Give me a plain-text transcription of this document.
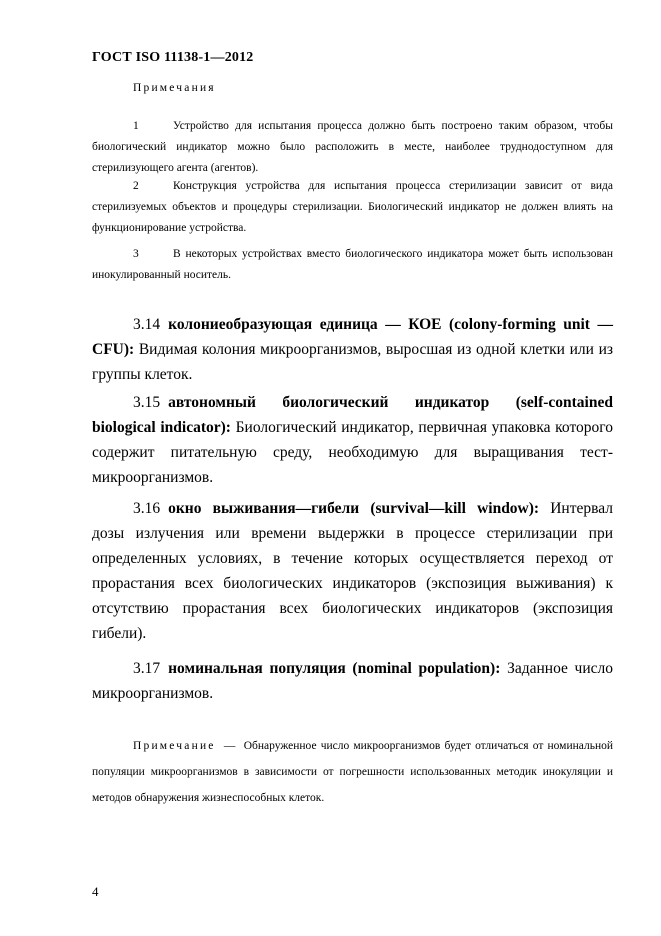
ГОСТ ISO 11138-1—2012
Примечания
1	Устройство для испытания процесса должно быть построено таким образом, чтобы биологический индикатор можно было расположить в месте, наиболее труднодоступном для стерилизующего агента (агентов).
2	Конструкция устройства для испытания процесса стерилизации зависит от вида стерилизуемых объектов и процедуры стерилизации. Биологический индикатор не должен влиять на функционирование устройства.
3	В некоторых устройствах вместо биологического индикатора может быть использован инокулированный носитель.
3.14 колониеобразующая единица — КОЕ (colony-forming unit — CFU): Видимая колония микроорганизмов, выросшая из одной клетки или из группы клеток.
3.15 автономный биологический индикатор (self-contained biological indicator): Биологический индикатор, первичная упаковка которого содержит питательную среду, необходимую для выращивания тест-микроорганизмов.
3.16 окно выживания—гибели (survival—kill window): Интервал дозы излучения или времени выдержки в процессе стерилизации при определенных условиях, в течение которых осуществляется переход от прорастания всех биологических индикаторов (экспозиция выживания) к отсутствию прорастания всех биологических индикаторов (экспозиция гибели).
3.17 номинальная популяция (nominal population): Заданное число микроорганизмов.
Примечание — Обнаруженное число микроорганизмов будет отличаться от номинальной популяции микроорганизмов в зависимости от погрешности использованных методик инокуляции и методов обнаружения жизнеспособных клеток.
4
